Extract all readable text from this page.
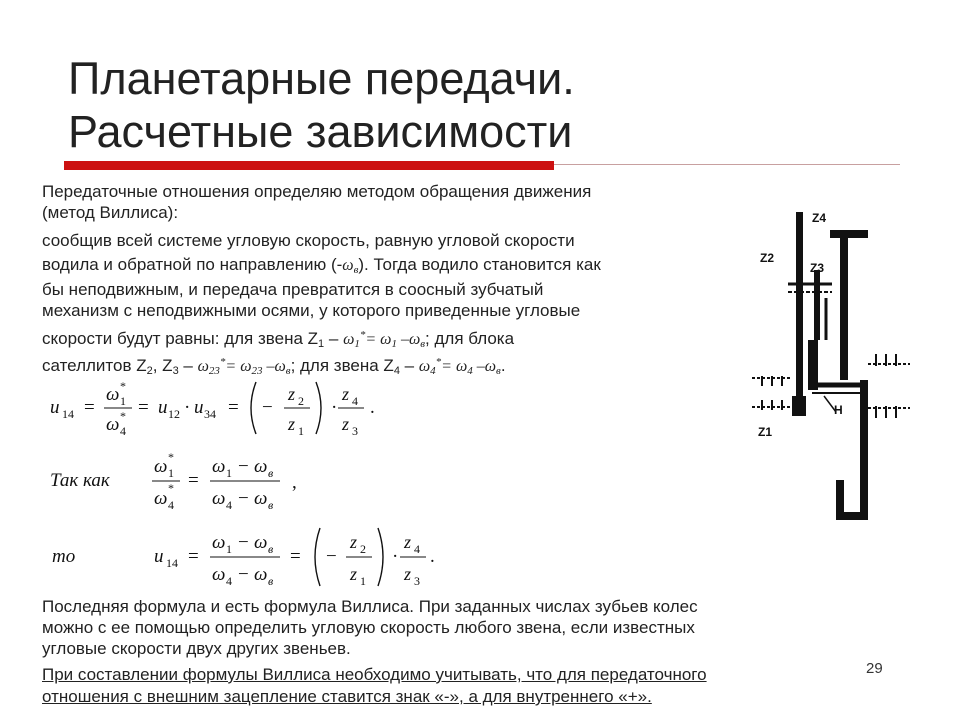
Планетарные передачи.
Расчетные зависимости

Передаточные отношения определяю методом обращения движения

(метод Виллиса):

сообщив всей системе угловую скорость, равную угловой скорости

водила и обратной по направлению $(-\omega_в)$. Тогда водило становится как

бы неподвижным, и передача превратится в соосный зубчатый

механизм с неподвижными осями, у которого приведенные угловые

скорости будут равны: для звена $Z_1 - \omega_1^*= \omega_1$ $-\omega_в$; для блока

сателлитов $Z_2$, $Z_3 - \omega_{23}^*= \omega_{23}$ $-\omega_в$; для звена $Z_4 - \omega_4^*= \omega_4$ $-\omega_в$.

u 14 =
ω 1
*
ω 4
* = u 12 · u 34 = −
z 2
z 1
·
z 4
z 3
.
Так как
ω 1
*
ω 4
* =
ω 1 − ω в
ω 4 − ω в
,
то	u 14 =
ω 1 − ω в
ω 4 − ω в
= −
z 2
z 1
·
z 4
z 3
.

Последняя формула и есть формула Виллиса. При заданных числах зубьев колес

можно с ее помощью определить угловую скорость любого звена, если известных

угловые скорости двух других звеньев.

При составлении формулы Виллиса необходимо учитывать, что для передаточного

отношения с внешним зацепление ставится знак «-», а для внутреннего «+».

29
Z4
Z2
Z3
Z1
H
